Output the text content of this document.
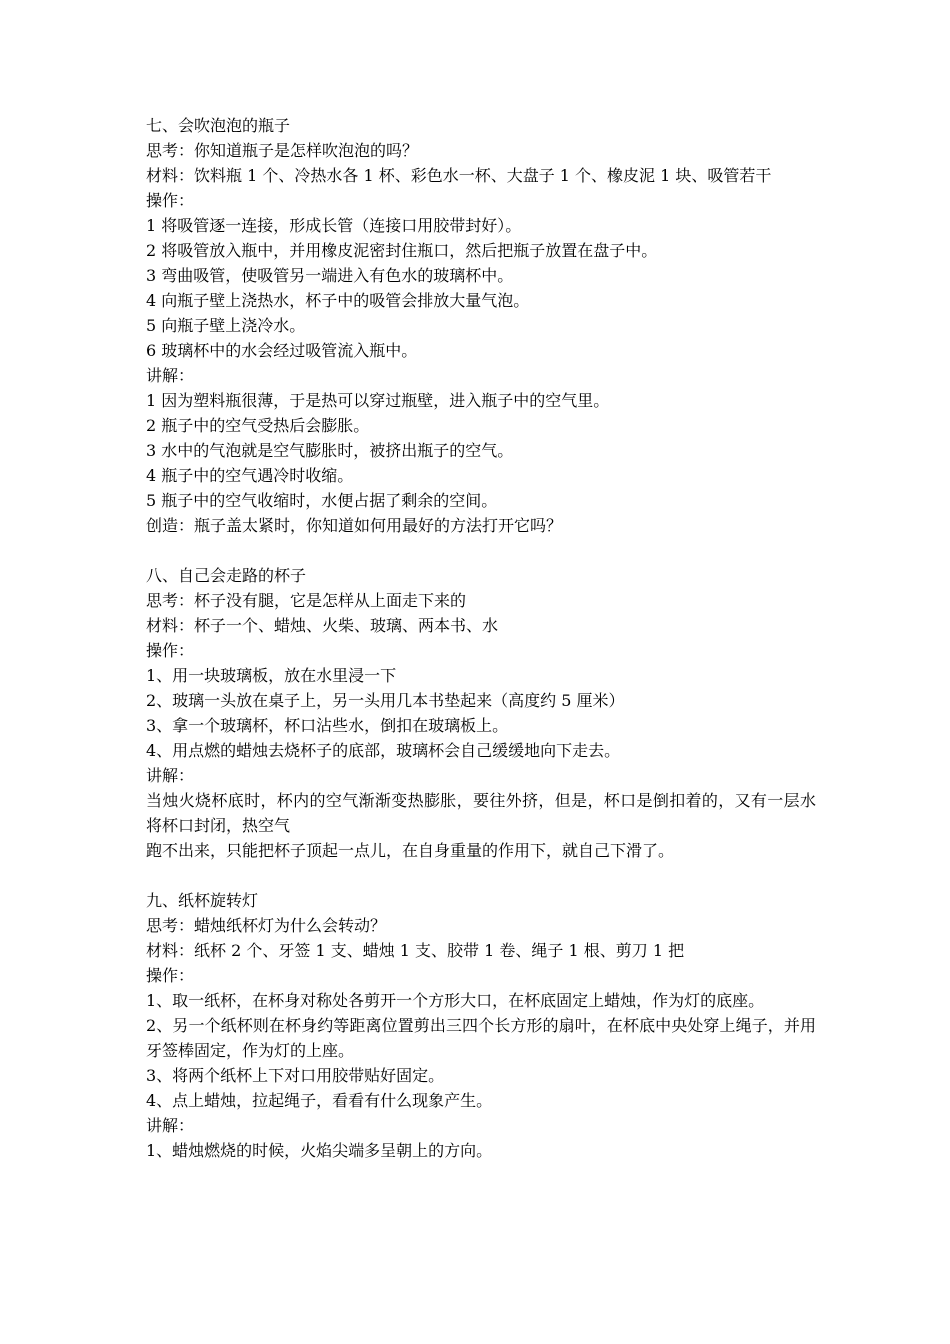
七、会吹泡泡的瓶子
思考：你知道瓶子是怎样吹泡泡的吗？
材料：饮料瓶 1 个、冷热水各 1 杯、彩色水一杯、大盘子 1 个、橡皮泥 1 块、吸管若干
操作：
1 将吸管逐一连接，形成长管（连接口用胶带封好）。
2 将吸管放入瓶中，并用橡皮泥密封住瓶口，然后把瓶子放置在盘子中。
3 弯曲吸管，使吸管另一端进入有色水的玻璃杯中。
4 向瓶子壁上浇热水，杯子中的吸管会排放大量气泡。
5 向瓶子壁上浇冷水。
6 玻璃杯中的水会经过吸管流入瓶中。
讲解：
1 因为塑料瓶很薄，于是热可以穿过瓶壁，进入瓶子中的空气里。
2 瓶子中的空气受热后会膨胀。
3 水中的气泡就是空气膨胀时，被挤出瓶子的空气。
4 瓶子中的空气遇冷时收缩。
5 瓶子中的空气收缩时，水便占据了剩余的空间。
创造：瓶子盖太紧时，你知道如何用最好的方法打开它吗？
八、自己会走路的杯子
思考：杯子没有腿，它是怎样从上面走下来的
材料：杯子一个、蜡烛、火柴、玻璃、两本书、水
操作：
1、用一块玻璃板，放在水里浸一下
2、玻璃一头放在桌子上，另一头用几本书垫起来（高度约 5 厘米）
3、拿一个玻璃杯，杯口沾些水，倒扣在玻璃板上。
4、用点燃的蜡烛去烧杯子的底部，玻璃杯会自己缓缓地向下走去。
讲解：
当烛火烧杯底时，杯内的空气渐渐变热膨胀，要往外挤，但是，杯口是倒扣着的，又有一层水将杯口封闭，热空气
跑不出来，只能把杯子顶起一点儿，在自身重量的作用下，就自己下滑了。
九、纸杯旋转灯
思考：蜡烛纸杯灯为什么会转动？
材料：纸杯 2 个、牙签 1 支、蜡烛 1 支、胶带 1 卷、绳子 1 根、剪刀 1 把
操作：
1、取一纸杯，在杯身对称处各剪开一个方形大口，在杯底固定上蜡烛，作为灯的底座。
2、另一个纸杯则在杯身约等距离位置剪出三四个长方形的扇叶，在杯底中央处穿上绳子，并用牙签棒固定，作为灯的上座。
3、将两个纸杯上下对口用胶带贴好固定。
4、点上蜡烛，拉起绳子，看看有什么现象产生。
讲解：
1、蜡烛燃烧的时候，火焰尖端多呈朝上的方向。
